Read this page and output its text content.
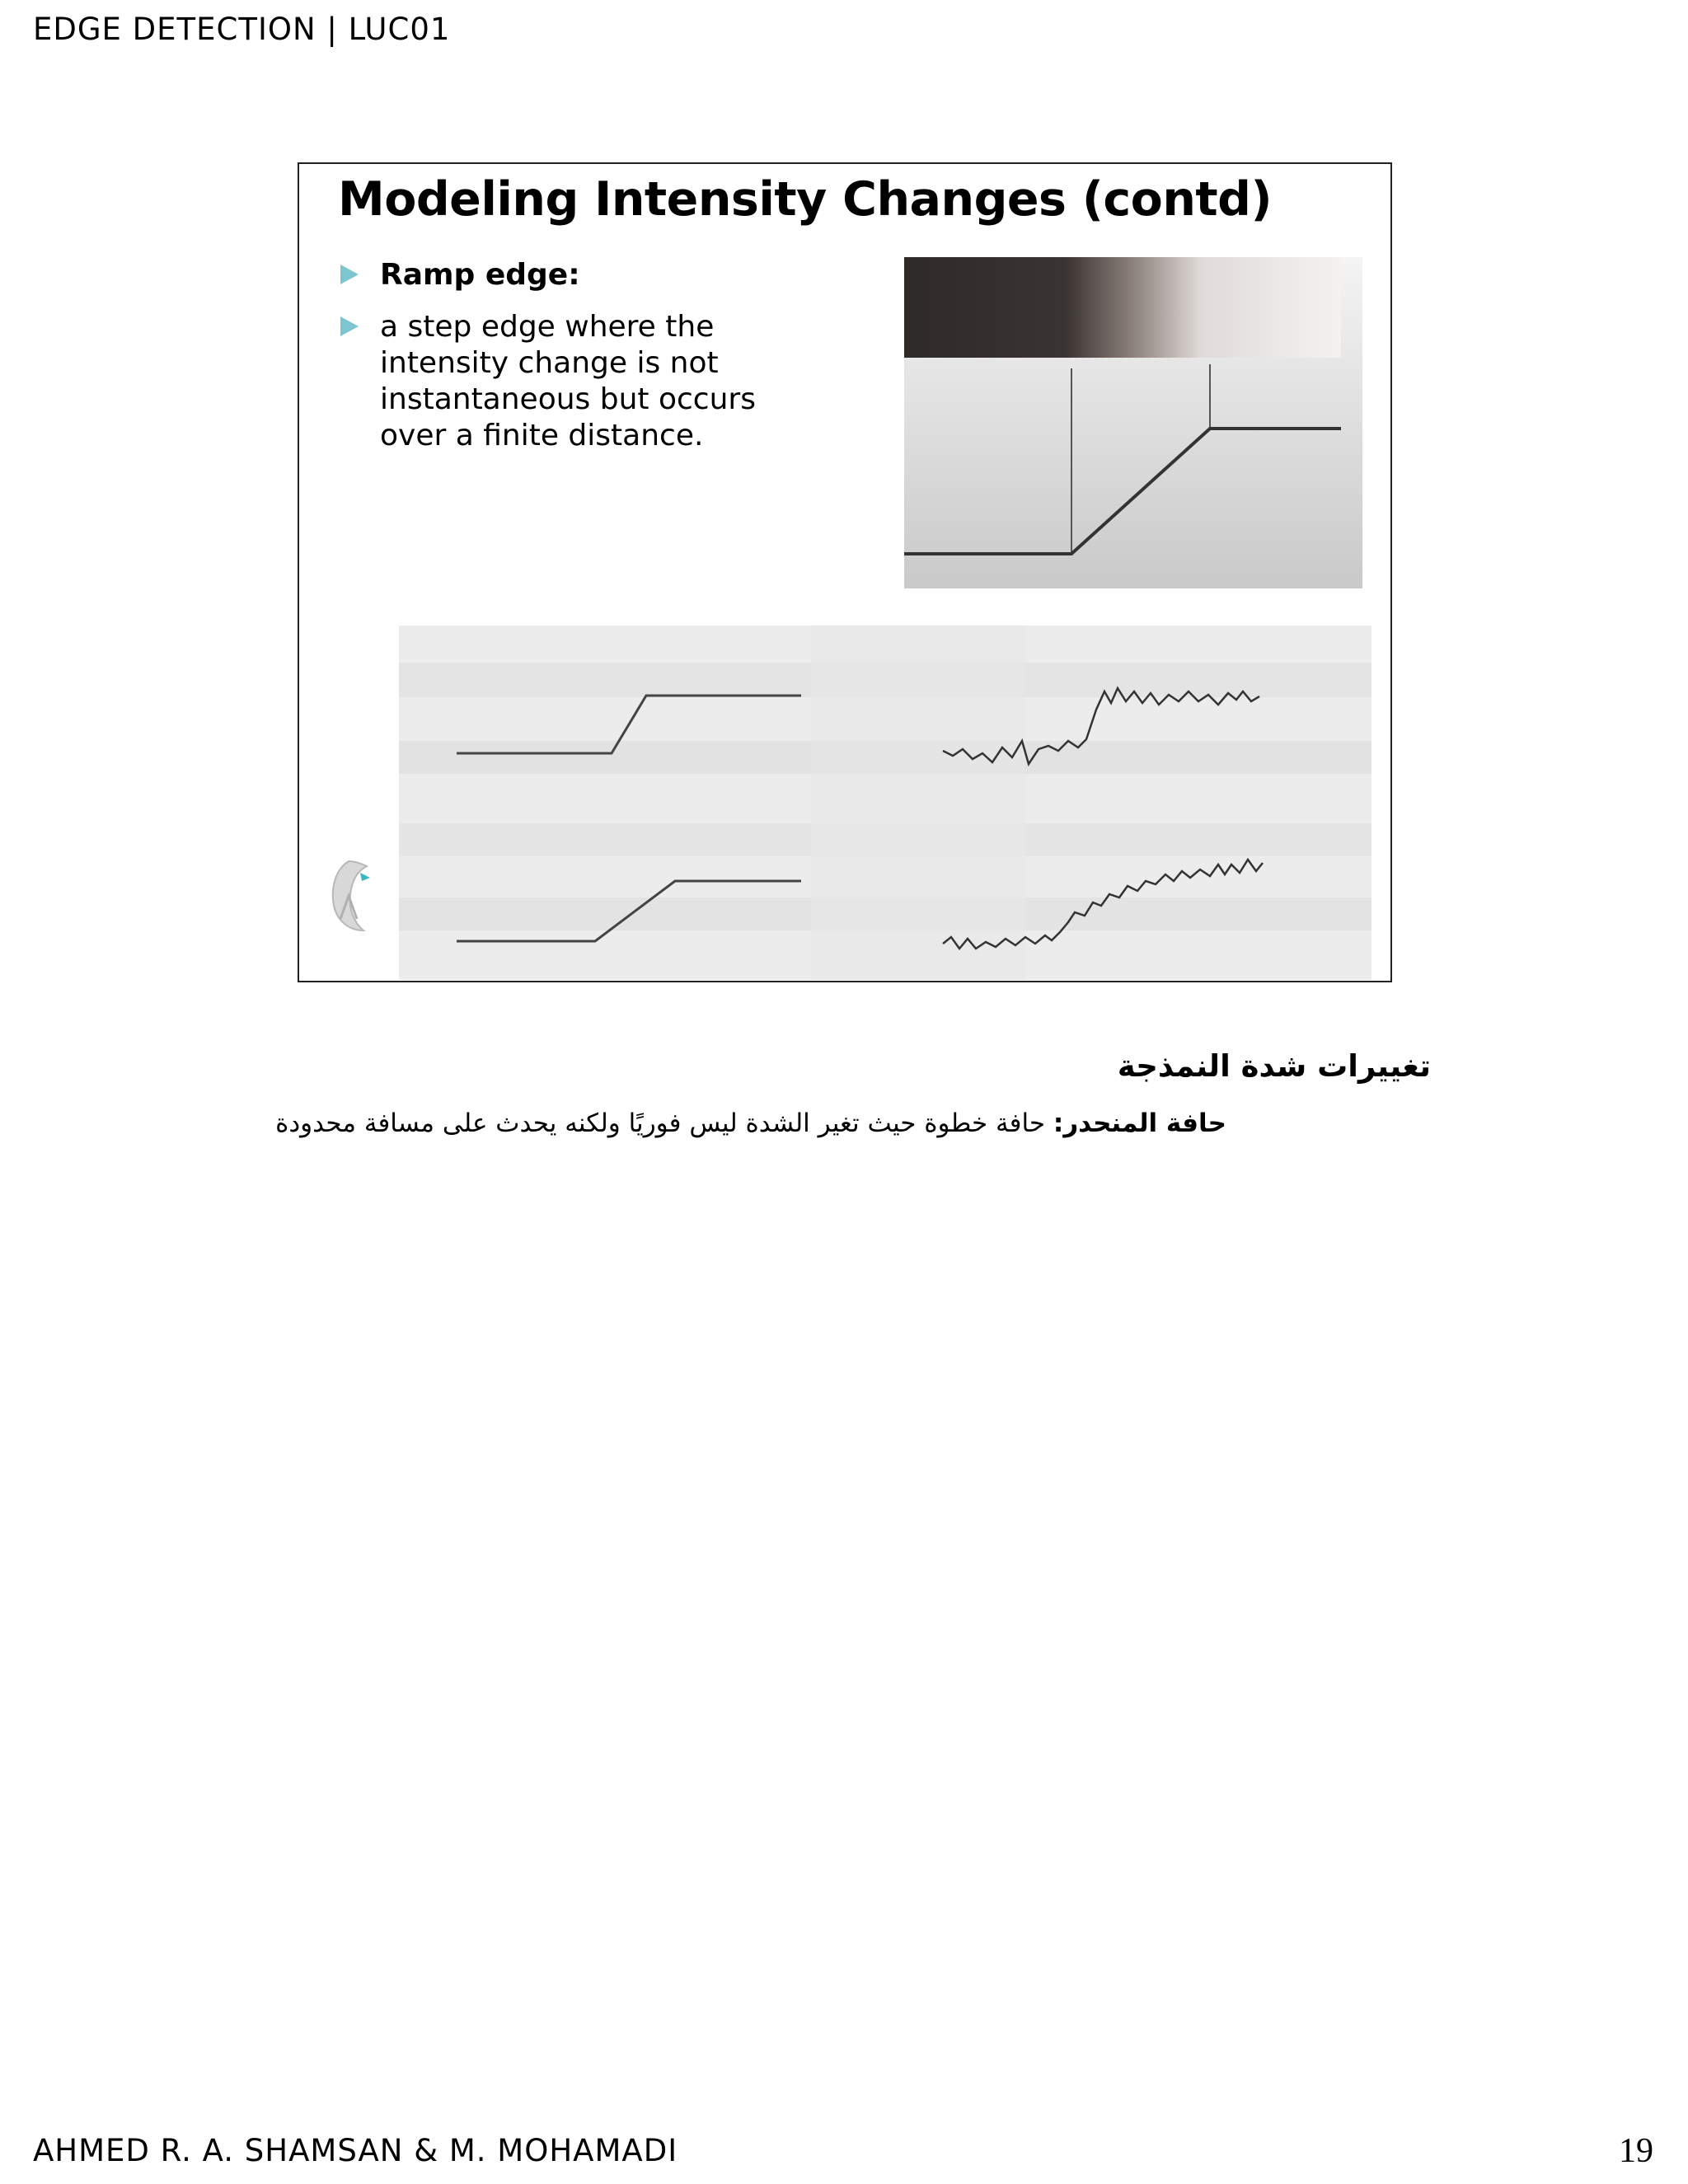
EDGE DETECTION | LUC01
Modeling Intensity Changes (contd)
Ramp edge:
a step edge where the intensity change is not instantaneous but occurs over a finite distance.
تغييرات شدة النمذجة
حافة المنحدر: حافة خطوة حيث تغير الشدة ليس فوريًا ولكنه يحدث على مسافة محدودة
AHMED R. A. SHAMSAN & M. MOHAMADI	19
